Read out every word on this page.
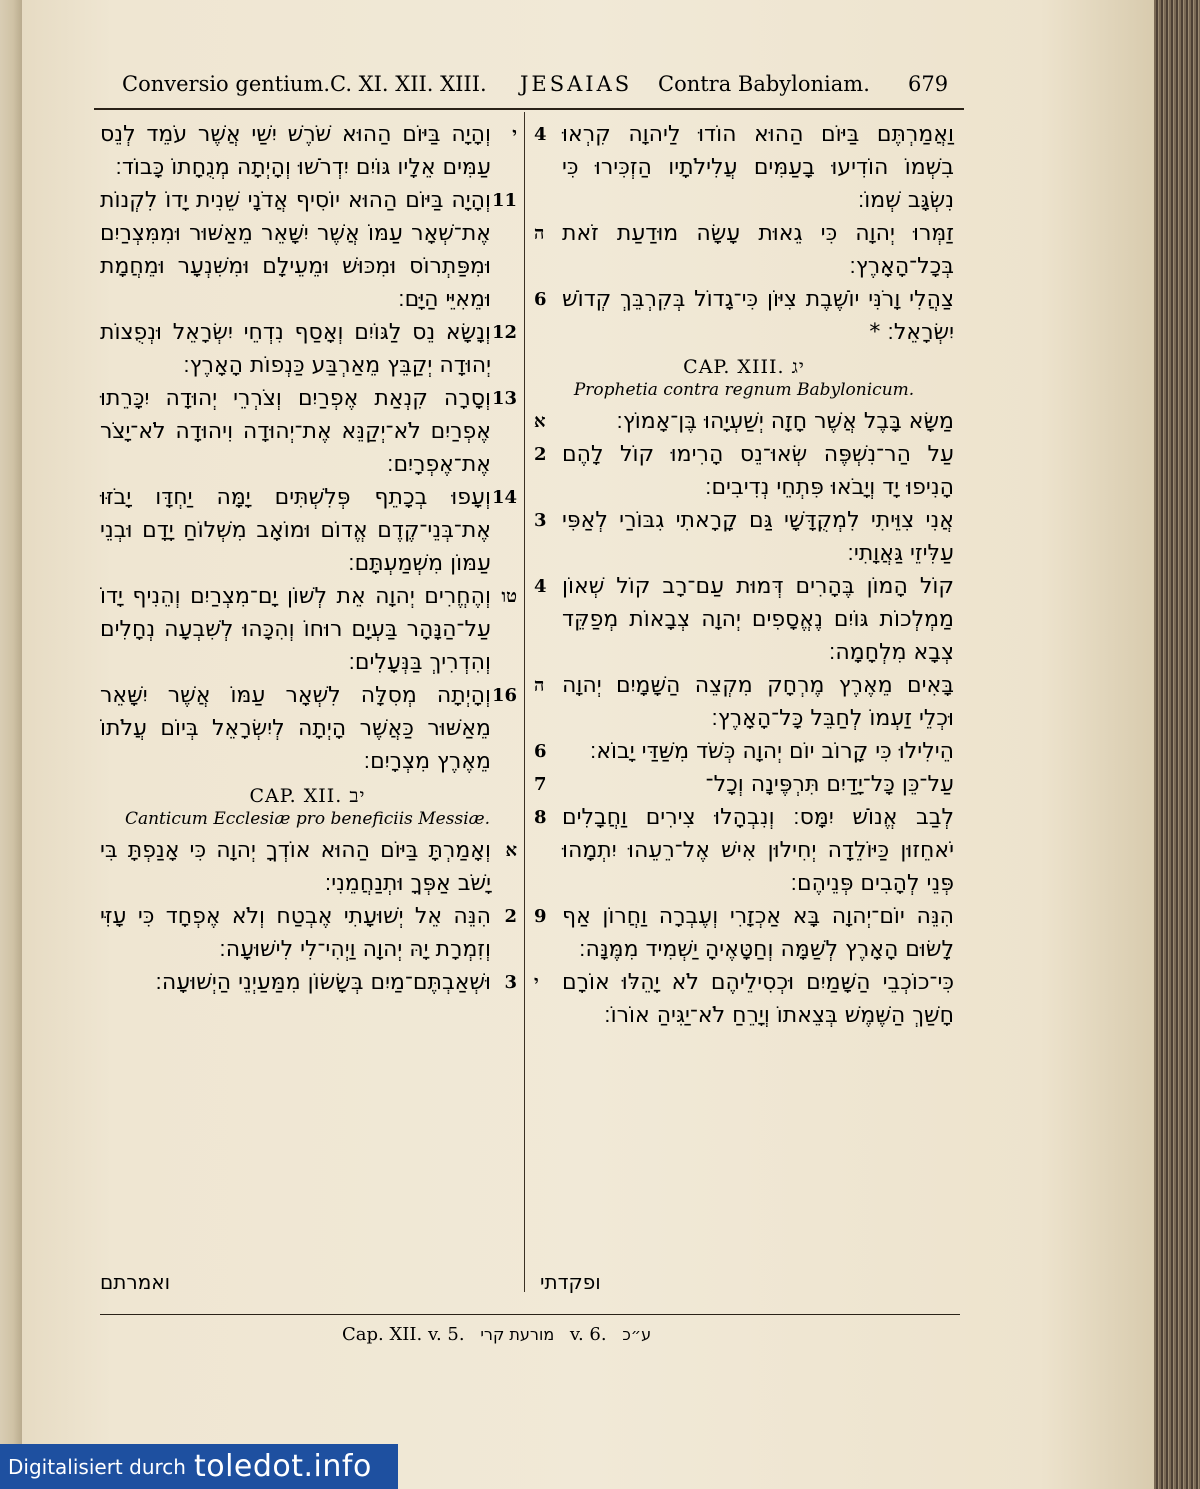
Conversio gentium. C. XI. XII. XIII. JESAIAS Contra Babyloniam. 679
י
וְהָיָה בַּיּוֹם הַהוּא שֹׁרֶשׁ יִשַׁי אֲשֶׁר עֹמֵד לְנֵס עַמִּים אֵלָיו גּוֹיִם יִדְרֹשׁוּ וְהָיְתָה מְנֻחָתוֹ כָּבוֹד׃
11
וְהָיָה בַּיּוֹם הַהוּא יוֹסִיף אֲדֹנָי שֵׁנִית יָדוֹ לִקְנוֹת אֶת־שְׁאָר עַמּוֹ אֲשֶׁר יִשָּׁאֵר מֵאַשּׁוּר וּמִמִּצְרַיִם וּמִפַּתְרוֹס וּמִכּוּשׁ וּמֵעֵילָם וּמִשִּׁנְעָר וּמֵחֲמָת וּמֵאִיֵּי הַיָּם׃
12
וְנָשָׂא נֵס לַגּוֹיִם וְאָסַף נִדְחֵי יִשְׂרָאֵל וּנְפֻצוֹת יְהוּדָה יְקַבֵּץ מֵאַרְבַּע כַּנְפוֹת הָאָרֶץ׃
13
וְסָרָה קִנְאַת אֶפְרַיִם וְצֹרְרֵי יְהוּדָה יִכָּרֵתוּ אֶפְרַיִם לֹא־יְקַנֵּא אֶת־יְהוּדָה וִיהוּדָה לֹא־יָצֹר אֶת־אֶפְרָיִם׃
14
וְעָפוּ בְכָתֵף פְּלִשְׁתִּים יָמָּה יַחְדָּו יָבֹזּוּ אֶת־בְּנֵי־קֶדֶם אֱדוֹם וּמוֹאָב מִשְׁלוֹחַ יָדָם וּבְנֵי עַמּוֹן מִשְׁמַעְתָּם׃
טו
וְהֶחֱרִים יְהוָה אֵת לְשׁוֹן יָם־מִצְרַיִם וְהֵנִיף יָדוֹ עַל־הַנָּהָר בַּעְיָם רוּחוֹ וְהִכָּהוּ לְשִׁבְעָה נְחָלִים וְהִדְרִיךְ בַּנְּעָלִים׃
16
וְהָיְתָה מְסִלָּה לִשְׁאָר עַמּוֹ אֲשֶׁר יִשָּׁאֵר מֵאַשּׁוּר כַּאֲשֶׁר הָיְתָה לְיִשְׂרָאֵל בְּיוֹם עֲלֹתוֹ מֵאֶרֶץ מִצְרָיִם׃
CAP. XII. יב
Canticum Ecclesiæ pro beneficiis Messiæ.
א
וְאָמַרְתָּ בַּיּוֹם הַהוּא אוֹדְךָ יְהוָה כִּי אָנַפְתָּ בִּי יָשֹׁב אַפְּךָ וּתְנַחֲמֵנִי׃
2
הִנֵּה אֵל יְשׁוּעָתִי אֶבְטַח וְלֹא אֶפְחָד כִּי עָזִּי וְזִמְרָת יָהּ יְהוָה וַיְהִי־לִי לִישׁוּעָה׃
3
וּשְׁאַבְתֶּם־מַיִם בְּשָׂשׂוֹן מִמַּעַיְנֵי הַיְשׁוּעָה׃
4 וַאֲמַרְתֶּם בַּיּוֹם הַהוּא הוֹדוּ לַיהוָה קִרְאוּ בִשְׁמוֹ הוֹדִיעוּ בָעַמִּים עֲלִילֹתָיו הַזְכִּירוּ כִּי נִשְׂגָּב שְׁמוֹ׃
ה זַמְּרוּ יְהוָה כִּי גֵאוּת עָשָׂה מוּדַעַת זֹאת בְּכָל־הָאָרֶץ׃
6 צַהֲלִי וָרֹנִּי יוֹשֶׁבֶת צִיּוֹן כִּי־גָדוֹל בְּקִרְבֵּךְ קְדוֹשׁ יִשְׂרָאֵל׃ *
CAP. XIII. יג
Prophetia contra regnum Babylonicum.
א	מַשָּׂא בָּבֶל אֲשֶׁר חָזָה יְשַׁעְיָהוּ בֶּן־אָמוֹץ׃
2 עַל הַר־נִשְׁפֶּה שְׂאוּ־נֵס הָרִימוּ קוֹל לָהֶם הָנִיפוּ יָד וְיָבֹאוּ פִּתְחֵי נְדִיבִים׃
3 אֲנִי צִוֵּיתִי לִמְקֻדָּשָׁי גַּם קָרָאתִי גִבּוֹרַי לְאַפִּי עַלִּיזֵי גַּאֲוָתִי׃
4 קוֹל הָמוֹן בֶּהָרִים דְּמוּת עַם־רָב קוֹל שְׁאוֹן מַמְלְכוֹת גּוֹיִם נֶאֱסָפִים יְהוָה צְבָאוֹת מְפַקֵּד צְבָא מִלְחָמָה׃
ה בָּאִים מֵאֶרֶץ מֶרְחָק מִקְצֵה הַשָּׁמָיִם יְהוָה וּכְלֵי זַעְמוֹ לְחַבֵּל כָּל־הָאָרֶץ׃
6 הֵילִילוּ כִּי קָרוֹב יוֹם יְהוָה כְּשֹׁד מִשַּׁדַּי יָבוֹא׃
7	עַל־כֵּן כָּל־יָדַיִם תִּרְפֶּינָה וְכָל־
8 לְבַב אֱנוֹשׁ יִמָּס׃ וְנִבְהָלוּ צִירִים וַחֲבָלִים יֹאחֵזוּן כַּיּוֹלֵדָה יְחִילוּן אִישׁ אֶל־רֵעֵהוּ יִתְמָהוּ פְּנֵי לְהָבִים פְּנֵיהֶם׃
9 הִנֵּה יוֹם־יְהוָה בָּא אַכְזָרִי וְעֶבְרָה וַחֲרוֹן אַף לָשׂוּם הָאָרֶץ לְשַׁמָּה וְחַטָּאֶיהָ יַשְׁמִיד מִמֶּנָּה׃
י כִּי־כוֹכְבֵי הַשָּׁמַיִם וּכְסִילֵיהֶם לֹא יָהֵלּוּ אוֹרָם חָשַׁךְ הַשֶּׁמֶשׁ בְּצֵאתוֹ וְיָרֵחַ לֹא־יַגִּיהַ אוֹרוֹ׃
ואמרתם	ופקדתי
Cap. XII. v. 5. מורעת קרי v. 6. ע״כ
Digitalisiert durch toledot.info
